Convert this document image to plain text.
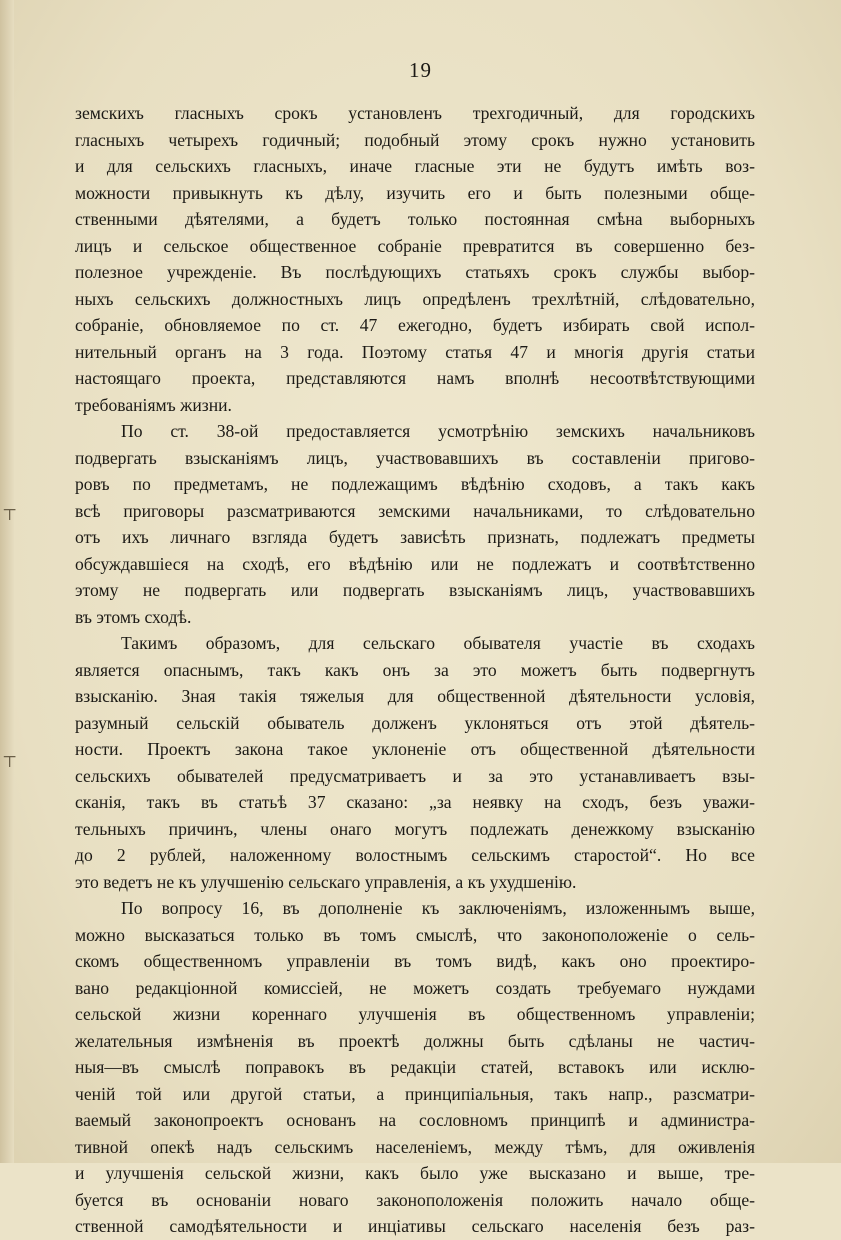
⊤
⊤
19
земскихъ гласныхъ срокъ установленъ трехгодичный, для городскихъ
гласныхъ четырехъ годичный; подобный этому срокъ нужно установить
и для сельскихъ гласныхъ, иначе гласные эти не будутъ имѣть воз-
можности привыкнуть къ дѣлу, изучить его и быть полезными обще-
ственными дѣятелями, а будетъ только постоянная смѣна выборныхъ
лицъ и сельское общественное собраніе превратится въ совершенно без-
полезное учрежденіе. Въ послѣдующихъ статьяхъ срокъ службы выбор-
ныхъ сельскихъ должностныхъ лицъ опредѣленъ трехлѣтній, слѣдовательно,
собраніе, обновляемое по ст. 47 ежегодно, будетъ избирать свой испол-
нительный органъ на 3 года. Поэтому статья 47 и многія другія статьи
настоящаго проекта, представляются намъ вполнѣ несоотвѣтствующими
требованіямъ жизни.
По ст. 38-ой предоставляется усмотрѣнію земскихъ начальниковъ
подвергать взысканіямъ лицъ, участвовавшихъ въ составленіи пригово-
ровъ по предметамъ, не подлежащимъ вѣдѣнію сходовъ, а такъ какъ
всѣ приговоры разсматриваются земскими начальниками, то слѣдовательно
отъ ихъ личнаго взгляда будетъ зависѣть признать, подлежатъ предметы
обсуждавшіеся на сходѣ, его вѣдѣнію или не подлежатъ и соотвѣтственно
этому не подвергать или подвергать взысканіямъ лицъ, участвовавшихъ
въ этомъ сходѣ.
Такимъ образомъ, для сельскаго обывателя участіе въ сходахъ
является опаснымъ, такъ какъ онъ за это можетъ быть подвергнутъ
взысканію. Зная такія тяжелыя для общественной дѣятельности условія,
разумный сельскій обыватель долженъ уклоняться отъ этой дѣятель-
ности. Проектъ закона такое уклоненіе отъ общественной дѣятельности
сельскихъ обывателей предусматриваетъ и за это устанавливаетъ взы-
сканія, такъ въ статьѣ 37 сказано: „за неявку на сходъ, безъ уважи-
тельныхъ причинъ, члены онаго могутъ подлежать денежкому взысканію
до 2 рублей, наложенному волостнымъ сельскимъ старостой“. Но все
это ведетъ не къ улучшенію сельскаго управленія, а къ ухудшенію.
По вопросу 16, въ дополненіе къ заключеніямъ, изложеннымъ выше,
можно высказаться только въ томъ смыслѣ, что законоположеніе о сель-
скомъ общественномъ управленіи въ томъ видѣ, какъ оно проектиро-
вано редакціонной комиссіей, не можетъ создать требуемаго нуждами
сельской жизни кореннаго улучшенія въ общественномъ управленіи;
желательныя измѣненія въ проектѣ должны быть сдѣланы не частич-
ныя—въ смыслѣ поправокъ въ редакціи статей, вставокъ или исклю-
ченій той или другой статьи, а принципіальныя, такъ напр., разсматри-
ваемый законопроектъ основанъ на сословномъ принципѣ и администра-
тивной опекѣ надъ сельскимъ населеніемъ, между тѣмъ, для оживленія
и улучшенія сельской жизни, какъ было уже высказано и выше, тре-
буется въ основаніи новаго законоположенія положить начало обще-
ственной самодѣятельности и инціативы сельскаго населенія безъ раз-
